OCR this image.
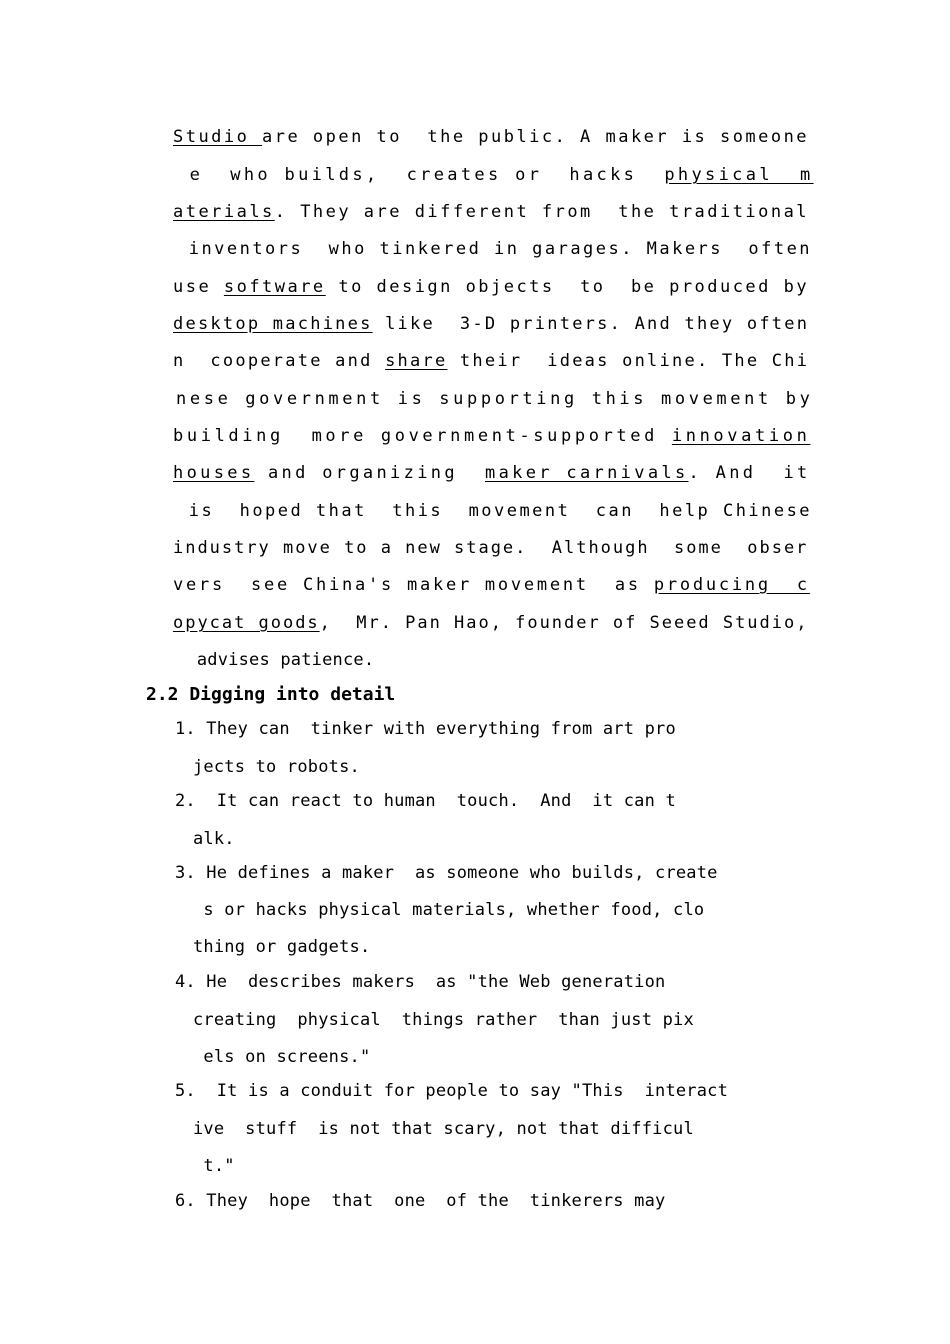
Studio are open to  the public. A maker is someone
e  who builds,  creates or  hacks  physical  m
aterials. They are different from  the traditional
inventors  who tinkered in garages. Makers  often
use software to design objects  to  be produced by
desktop machines like  3-D printers. And they often
n  cooperate and share their  ideas online. The Chi
nese government is supporting this movement by
building  more government-supported innovation
houses and organizing  maker carnivals. And  it
is  hoped that  this  movement  can  help Chinese
industry move to a new stage.  Although  some  obser
vers  see China's maker movement  as producing  c
opycat goods,  Mr. Pan Hao, founder of Seeed Studio,
advises patience.
2.2 Digging into detail
1. They can  tinker with everything from art pro
jects to robots.
2.  It can react to human  touch.  And  it can t
alk.
3. He defines a maker  as someone who builds, create
s or hacks physical materials, whether food, clo
thing or gadgets.
4. He  describes makers  as "the Web generation
creating  physical  things rather  than just pix
els on screens."
5.  It is a conduit for people to say "This  interact
ive  stuff  is not that scary, not that difficul
t."
6. They  hope  that  one  of the  tinkerers may
